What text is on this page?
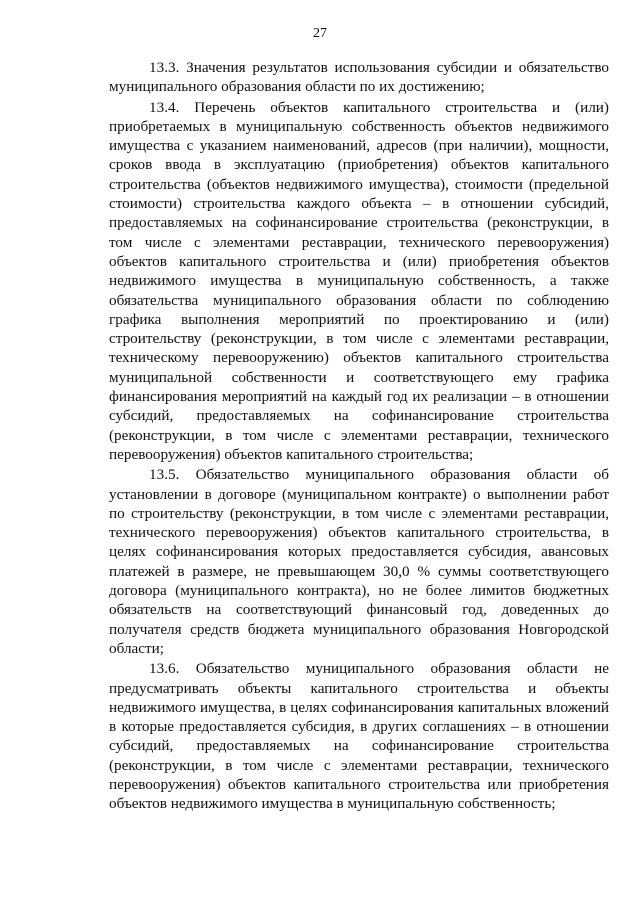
27

13.3. Значения результатов использования субсидии и обязательство муниципального образования области по их достижению;

13.4. Перечень объектов капитального строительства и (или) приобретаемых в муниципальную собственность объектов недвижимого имущества с указанием наименований, адресов (при наличии), мощности, сроков ввода в эксплуатацию (приобретения) объектов капитального строительства (объектов недвижимого имущества), стоимости (предельной стоимости) строительства каждого объекта – в отношении субсидий, предоставляемых на софинансирование строительства (реконструкции, в том числе с элементами реставрации, технического перевооружения) объектов капитального строительства и (или) приобретения объектов недвижимого имущества в муниципальную собственность, а также обязательства муниципального образования области по соблюдению графика выполнения мероприятий по проектированию и (или) строительству (реконструкции, в том числе с элементами реставрации, техническому перевооружению) объектов капитального строительства муниципальной собственности и соответствующего ему графика финансирования мероприятий на каждый год их реализации – в отношении субсидий, предоставляемых на софинансирование строительства (реконструкции, в том числе с элементами реставрации, технического перевооружения) объектов капитального строительства;

13.5. Обязательство муниципального образования области об установлении в договоре (муниципальном контракте) о выполнении работ по строительству (реконструкции, в том числе с элементами реставрации, технического перевооружения) объектов капитального строительства, в целях софинансирования которых предоставляется субсидия, авансовых платежей в размере, не превышающем 30,0 % суммы соответствующего договора (муниципального контракта), но не более лимитов бюджетных обязательств на соответствующий финансовый год, доведенных до получателя средств бюджета муниципального образования Новгородской области;

13.6. Обязательство муниципального образования области не предусматривать объекты капитального строительства и объекты недвижимого имущества, в целях софинансирования капитальных вложений в которые предоставляется субсидия, в других соглашениях – в отношении субсидий, предоставляемых на софинансирование строительства (реконструкции, в том числе с элементами реставрации, технического перевооружения) объектов капитального строительства или приобретения объектов недвижимого имущества в муниципальную собственность;
